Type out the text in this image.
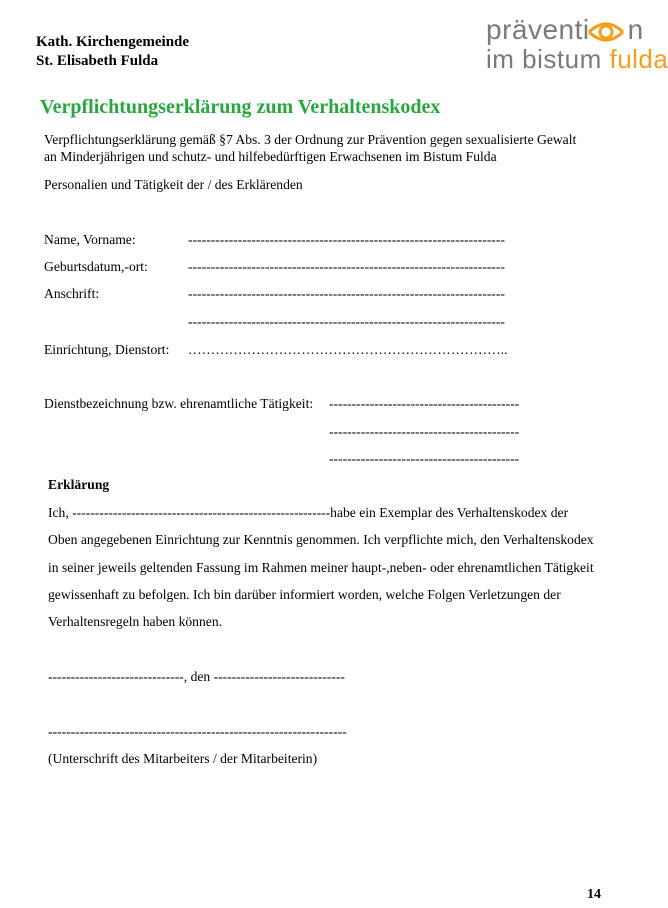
Kath. Kirchengemeinde
St. Elisabeth Fulda
präventi n
im bistum fulda
Verpflichtungserklärung zum Verhaltenskodex
Verpflichtungserklärung gemäß §7 Abs. 3 der Ordnung zur Prävention gegen sexualisierte Gewalt
an Minderjährigen und schutz- und hilfebedürftigen Erwachsenen im Bistum Fulda
Personalien und Tätigkeit der / des Erklärenden
Name, Vorname:	----------------------------------------------------------------------
Geburtsdatum,-ort:	----------------------------------------------------------------------
Anschrift:	----------------------------------------------------------------------
----------------------------------------------------------------------
Einrichtung, Dienstort: ……………………………………………………………..
Dienstbezeichnung bzw. ehrenamtliche Tätigkeit: ------------------------------------------
------------------------------------------
------------------------------------------
Erklärung
Ich, ---------------------------------------------------------habe ein Exemplar des Verhaltenskodex der
Oben angegebenen Einrichtung zur Kenntnis genommen. Ich verpflichte mich, den Verhaltenskodex
in seiner jeweils geltenden Fassung im Rahmen meiner haupt-,neben- oder ehrenamtlichen Tätigkeit
gewissenhaft zu befolgen. Ich bin darüber informiert worden, welche Folgen Verletzungen der
Verhaltensregeln haben können.
------------------------------, den -----------------------------
------------------------------------------------------------------
(Unterschrift des Mitarbeiters / der Mitarbeiterin)
14
